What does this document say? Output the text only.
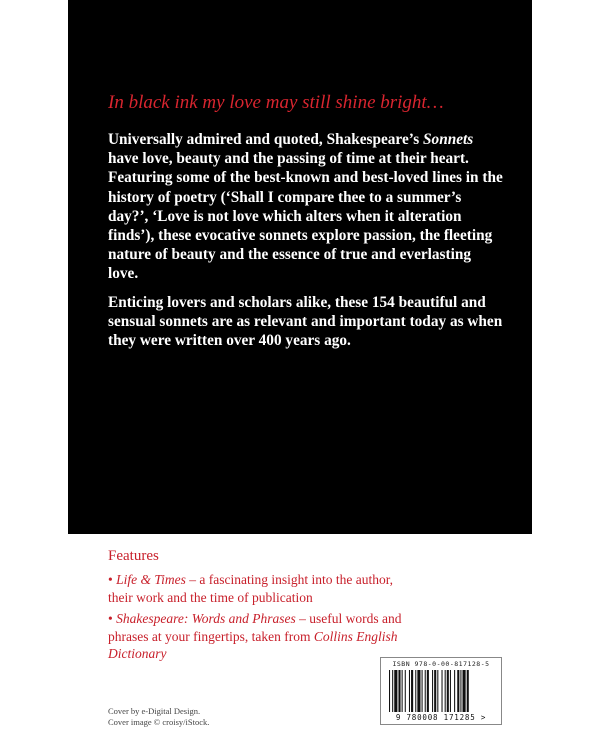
In black ink my love may still shine bright…

Universally admired and quoted, Shakespeare’s Sonnets have love, beauty and the passing of time at their heart. Featuring some of the best-known and best-loved lines in the history of poetry (‘Shall I compare thee to a summer’s day?’, ‘Love is not love which alters when it alteration finds’), these evocative sonnets explore passion, the fleeting nature of beauty and the essence of true and everlasting love.

Enticing lovers and scholars alike, these 154 beautiful and sensual sonnets are as relevant and important today as when they were written over 400 years ago.

Features

• Life & Times – a fascinating insight into the author, their work and the time of publication

• Shakespeare: Words and Phrases – useful words and phrases at your fingertips, taken from Collins English Dictionary

Cover by e-Digital Design.
Cover image © croisy/iStock.
ISBN 978-0-00-817128-5
9 780008 171285 >
